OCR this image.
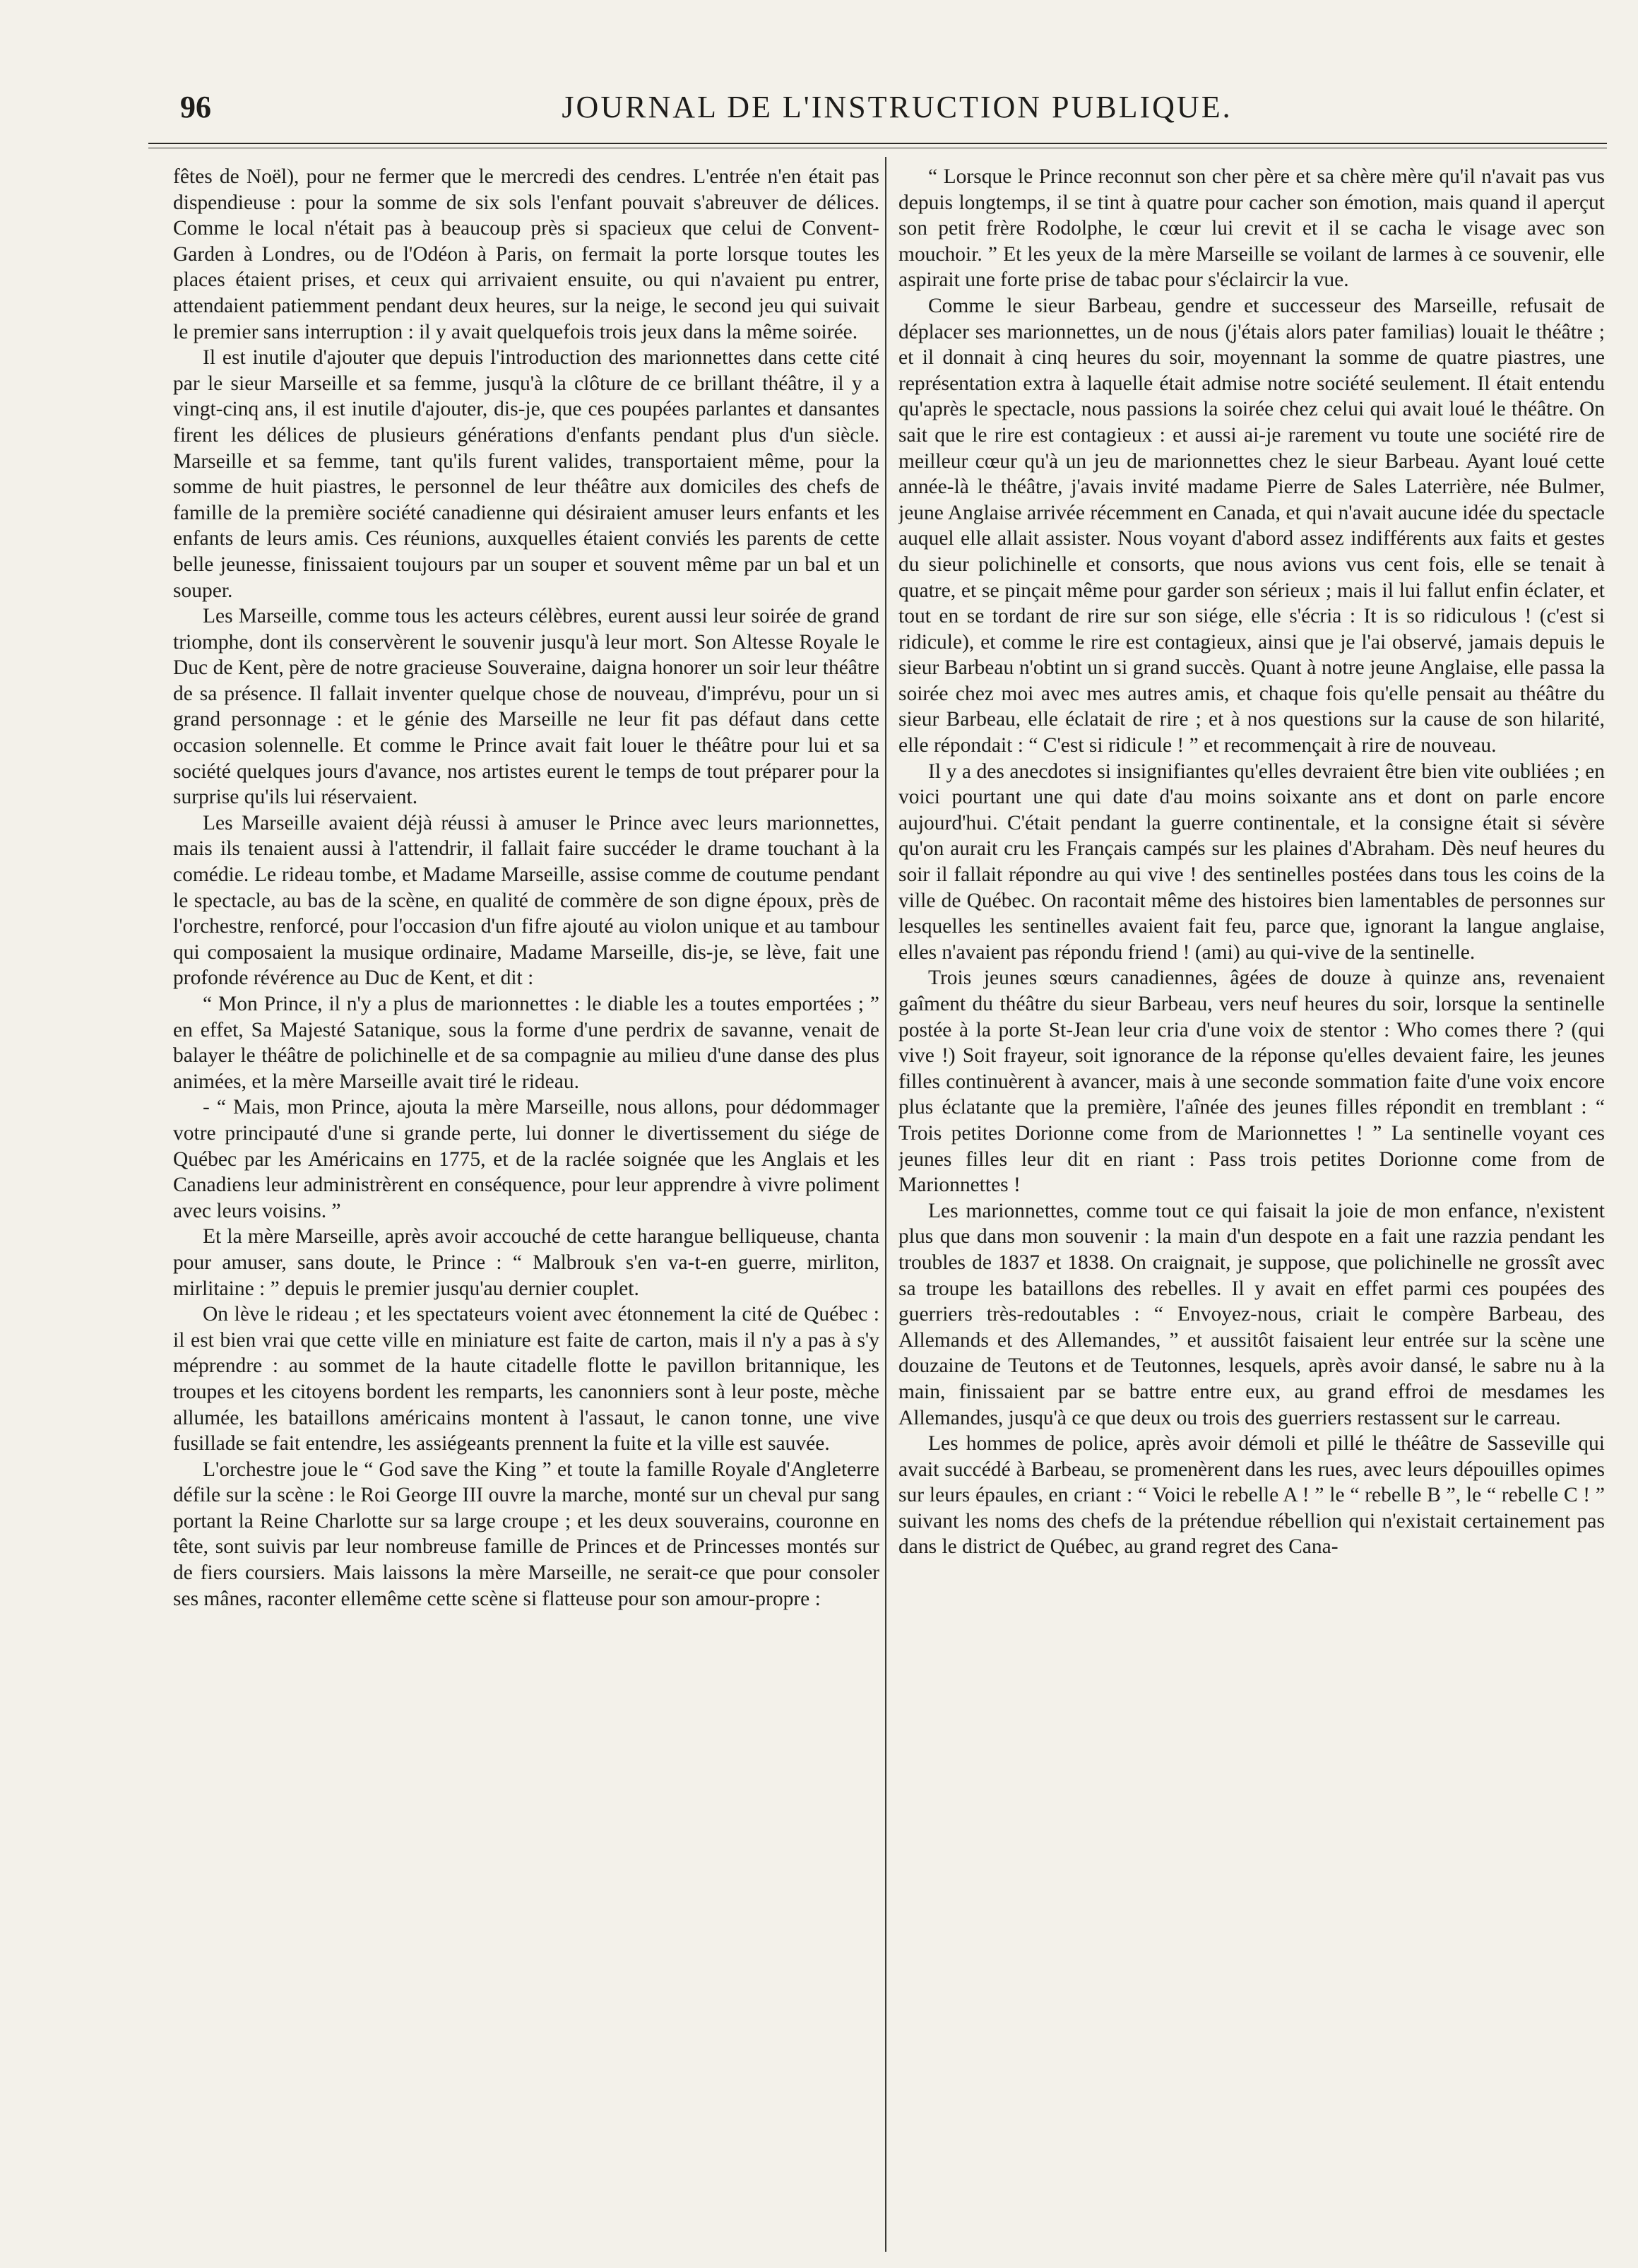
96	JOURNAL DE L'INSTRUCTION PUBLIQUE.

fêtes de Noël), pour ne fermer que le mercredi des cendres. L'entrée n'en était pas dispendieuse : pour la somme de six sols l'enfant pouvait s'abreuver de délices. Comme le local n'était pas à beaucoup près si spacieux que celui de Convent-Garden à Londres, ou de l'Odéon à Paris, on fermait la porte lorsque toutes les places étaient prises, et ceux qui arrivaient ensuite, ou qui n'avaient pu entrer, attendaient patiemment pendant deux heures, sur la neige, le second jeu qui suivait le premier sans interruption : il y avait quelquefois trois jeux dans la même soirée.

Il est inutile d'ajouter que depuis l'introduction des marionnettes dans cette cité par le sieur Marseille et sa femme, jusqu'à la clôture de ce brillant théâtre, il y a vingt-cinq ans, il est inutile d'ajouter, dis-je, que ces poupées parlantes et dansantes firent les délices de plusieurs générations d'enfants pendant plus d'un siècle. Marseille et sa femme, tant qu'ils furent valides, transportaient même, pour la somme de huit piastres, le personnel de leur théâtre aux domiciles des chefs de famille de la première société canadienne qui désiraient amuser leurs enfants et les enfants de leurs amis. Ces réunions, auxquelles étaient conviés les parents de cette belle jeunesse, finissaient toujours par un souper et souvent même par un bal et un souper.

Les Marseille, comme tous les acteurs célèbres, eurent aussi leur soirée de grand triomphe, dont ils conservèrent le souvenir jusqu'à leur mort. Son Altesse Royale le Duc de Kent, père de notre gracieuse Souveraine, daigna honorer un soir leur théâtre de sa présence. Il fallait inventer quelque chose de nouveau, d'imprévu, pour un si grand personnage : et le génie des Marseille ne leur fit pas défaut dans cette occasion solennelle. Et comme le Prince avait fait louer le théâtre pour lui et sa société quelques jours d'avance, nos artistes eurent le temps de tout préparer pour la surprise qu'ils lui réservaient.

Les Marseille avaient déjà réussi à amuser le Prince avec leurs marionnettes, mais ils tenaient aussi à l'attendrir, il fallait faire succéder le drame touchant à la comédie. Le rideau tombe, et Madame Marseille, assise comme de coutume pendant le spectacle, au bas de la scène, en qualité de commère de son digne époux, près de l'orchestre, renforcé, pour l'occasion d'un fifre ajouté au violon unique et au tambour qui composaient la musique ordinaire, Madame Marseille, dis-je, se lève, fait une profonde révérence au Duc de Kent, et dit :

“ Mon Prince, il n'y a plus de marionnettes : le diable les a toutes emportées ; ” en effet, Sa Majesté Satanique, sous la forme d'une perdrix de savanne, venait de balayer le théâtre de polichinelle et de sa compagnie au milieu d'une danse des plus animées, et la mère Marseille avait tiré le rideau.

- “ Mais, mon Prince, ajouta la mère Marseille, nous allons, pour dédommager votre principauté d'une si grande perte, lui donner le divertissement du siége de Québec par les Américains en 1775, et de la raclée soignée que les Anglais et les Canadiens leur administrèrent en conséquence, pour leur apprendre à vivre poliment avec leurs voisins. ”

Et la mère Marseille, après avoir accouché de cette harangue belliqueuse, chanta pour amuser, sans doute, le Prince : “ Malbrouk s'en va-t-en guerre, mirliton, mirlitaine : ” depuis le premier jusqu'au dernier couplet.

On lève le rideau ; et les spectateurs voient avec étonnement la cité de Québec : il est bien vrai que cette ville en miniature est faite de carton, mais il n'y a pas à s'y méprendre : au sommet de la haute citadelle flotte le pavillon britannique, les troupes et les citoyens bordent les remparts, les canonniers sont à leur poste, mèche allumée, les bataillons américains montent à l'assaut, le canon tonne, une vive fusillade se fait entendre, les assiégeants prennent la fuite et la ville est sauvée.

L'orchestre joue le “ God save the King ” et toute la famille Royale d'Angleterre défile sur la scène : le Roi George III ouvre la marche, monté sur un cheval pur sang portant la Reine Charlotte sur sa large croupe ; et les deux souverains, couronne en tête, sont suivis par leur nombreuse famille de Princes et de Princesses montés sur de fiers coursiers. Mais laissons la mère Marseille, ne serait-ce que pour consoler ses mânes, raconter ellemême cette scène si flatteuse pour son amour-propre :

“ Lorsque le Prince reconnut son cher père et sa chère mère qu'il n'avait pas vus depuis longtemps, il se tint à quatre pour cacher son émotion, mais quand il aperçut son petit frère Rodolphe, le cœur lui crevit et il se cacha le visage avec son mouchoir. ” Et les yeux de la mère Marseille se voilant de larmes à ce souvenir, elle aspirait une forte prise de tabac pour s'éclaircir la vue.

Comme le sieur Barbeau, gendre et successeur des Marseille, refusait de déplacer ses marionnettes, un de nous (j'étais alors pater familias) louait le théâtre ; et il donnait à cinq heures du soir, moyennant la somme de quatre piastres, une représentation extra à laquelle était admise notre société seulement. Il était entendu qu'après le spectacle, nous passions la soirée chez celui qui avait loué le théâtre. On sait que le rire est contagieux : et aussi ai-je rarement vu toute une société rire de meilleur cœur qu'à un jeu de marionnettes chez le sieur Barbeau. Ayant loué cette année-là le théâtre, j'avais invité madame Pierre de Sales Laterrière, née Bulmer, jeune Anglaise arrivée récemment en Canada, et qui n'avait aucune idée du spectacle auquel elle allait assister. Nous voyant d'abord assez indifférents aux faits et gestes du sieur polichinelle et consorts, que nous avions vus cent fois, elle se tenait à quatre, et se pinçait même pour garder son sérieux ; mais il lui fallut enfin éclater, et tout en se tordant de rire sur son siége, elle s'écria : It is so ridiculous ! (c'est si ridicule), et comme le rire est contagieux, ainsi que je l'ai observé, jamais depuis le sieur Barbeau n'obtint un si grand succès. Quant à notre jeune Anglaise, elle passa la soirée chez moi avec mes autres amis, et chaque fois qu'elle pensait au théâtre du sieur Barbeau, elle éclatait de rire ; et à nos questions sur la cause de son hilarité, elle répondait : “ C'est si ridicule ! ” et recommençait à rire de nouveau.

Il y a des anecdotes si insignifiantes qu'elles devraient être bien vite oubliées ; en voici pourtant une qui date d'au moins soixante ans et dont on parle encore aujourd'hui. C'était pendant la guerre continentale, et la consigne était si sévère qu'on aurait cru les Français campés sur les plaines d'Abraham. Dès neuf heures du soir il fallait répondre au qui vive ! des sentinelles postées dans tous les coins de la ville de Québec. On racontait même des histoires bien lamentables de personnes sur lesquelles les sentinelles avaient fait feu, parce que, ignorant la langue anglaise, elles n'avaient pas répondu friend ! (ami) au qui-vive de la sentinelle.

Trois jeunes sœurs canadiennes, âgées de douze à quinze ans, revenaient gaîment du théâtre du sieur Barbeau, vers neuf heures du soir, lorsque la sentinelle postée à la porte St-Jean leur cria d'une voix de stentor : Who comes there ? (qui vive !) Soit frayeur, soit ignorance de la réponse qu'elles devaient faire, les jeunes filles continuèrent à avancer, mais à une seconde sommation faite d'une voix encore plus éclatante que la première, l'aînée des jeunes filles répondit en tremblant : “ Trois petites Dorionne come from de Marionnettes ! ” La sentinelle voyant ces jeunes filles leur dit en riant : Pass trois petites Dorionne come from de Marionnettes !

Les marionnettes, comme tout ce qui faisait la joie de mon enfance, n'existent plus que dans mon souvenir : la main d'un despote en a fait une razzia pendant les troubles de 1837 et 1838. On craignait, je suppose, que polichinelle ne grossît avec sa troupe les bataillons des rebelles. Il y avait en effet parmi ces poupées des guerriers très-redoutables : “ Envoyez-nous, criait le compère Barbeau, des Allemands et des Allemandes, ” et aussitôt faisaient leur entrée sur la scène une douzaine de Teutons et de Teutonnes, lesquels, après avoir dansé, le sabre nu à la main, finissaient par se battre entre eux, au grand effroi de mesdames les Allemandes, jusqu'à ce que deux ou trois des guerriers restassent sur le carreau.

Les hommes de police, après avoir démoli et pillé le théâtre de Sasseville qui avait succédé à Barbeau, se promenèrent dans les rues, avec leurs dépouilles opimes sur leurs épaules, en criant : “ Voici le rebelle A ! ” le “ rebelle B ”, le “ rebelle C ! ” suivant les noms des chefs de la prétendue rébellion qui n'existait certainement pas dans le district de Québec, au grand regret des Cana-
